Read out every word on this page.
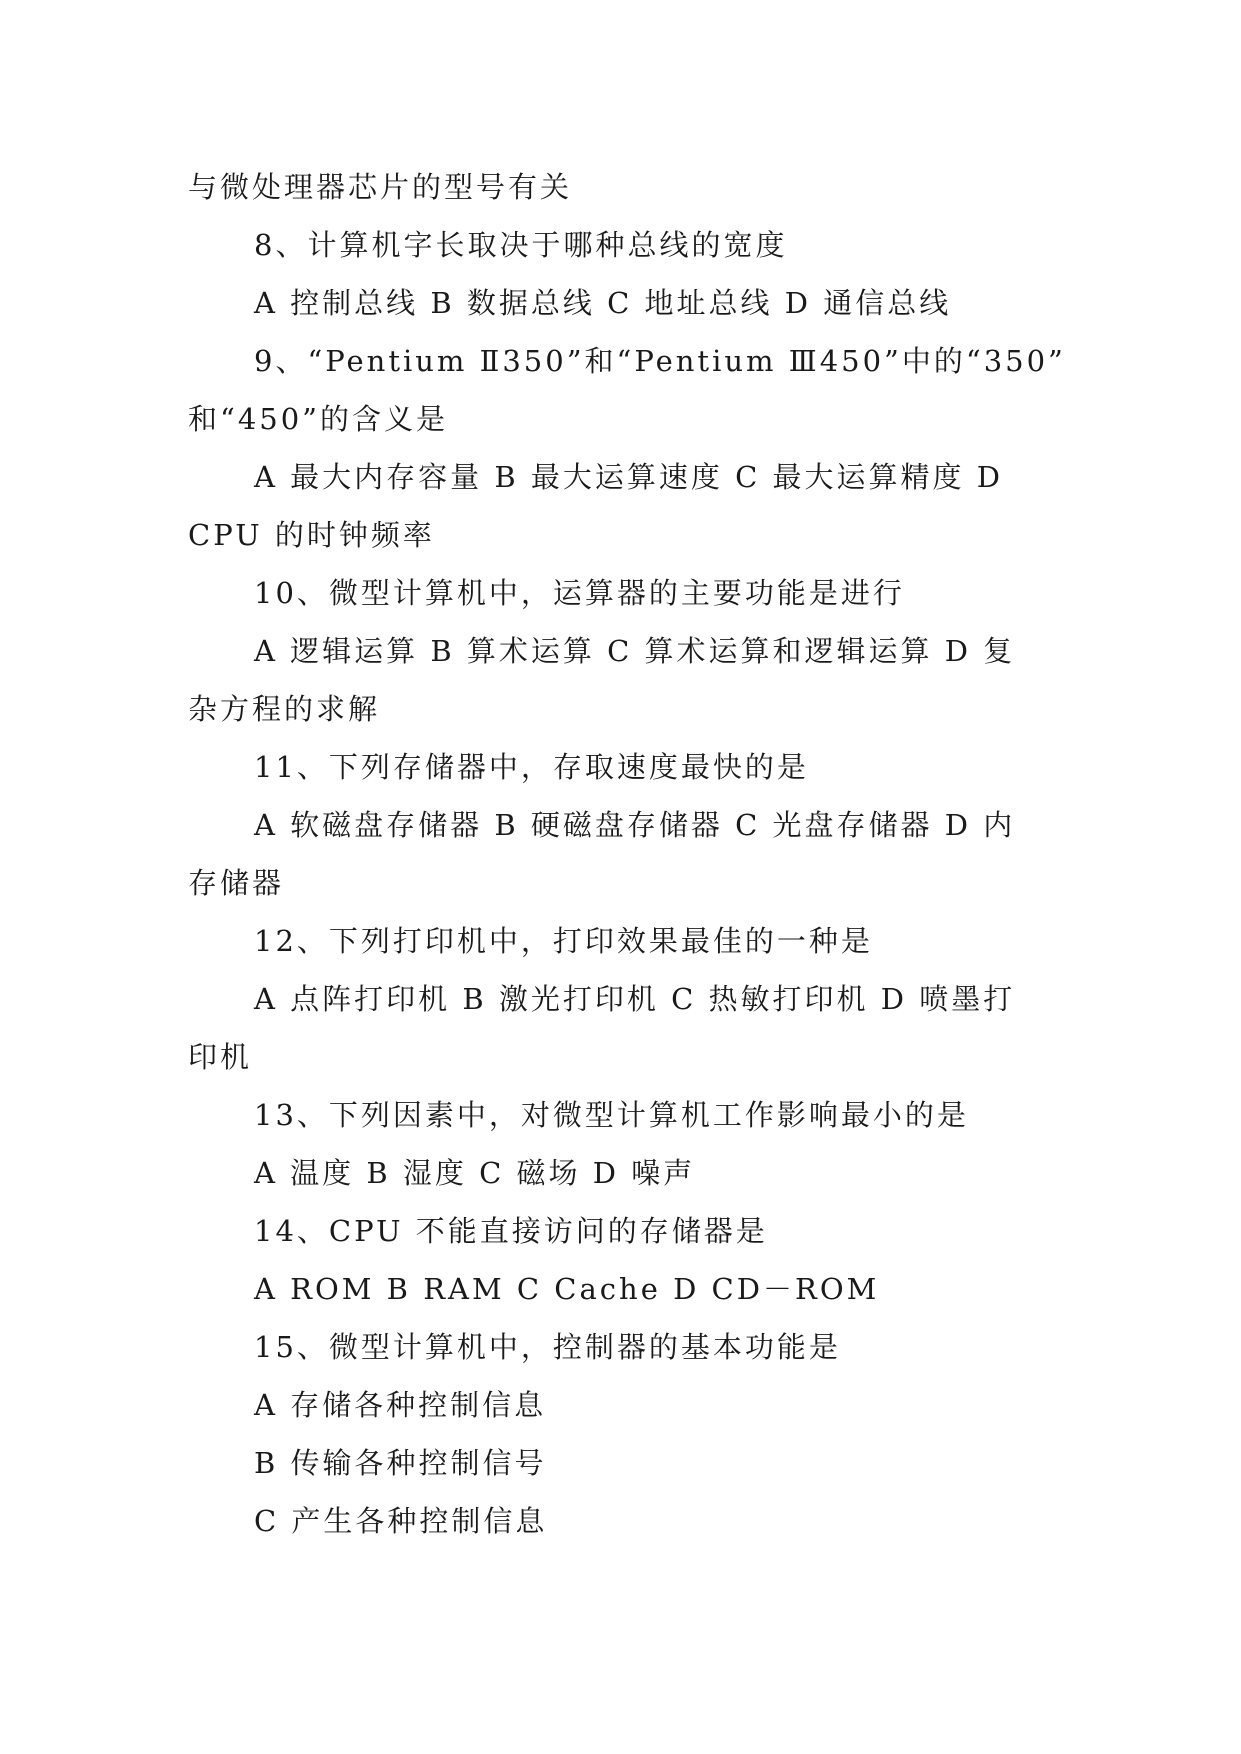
与微处理器芯片的型号有关
8、计算机字长取决于哪种总线的宽度
A 控制总线 B 数据总线 C 地址总线 D 通信总线
9、“Pentium Ⅱ350”和“Pentium Ⅲ450”中的“350”
和“450”的含义是
A 最大内存容量 B 最大运算速度 C 最大运算精度 D
CPU 的时钟频率
10、微型计算机中，运算器的主要功能是进行
A 逻辑运算 B 算术运算 C 算术运算和逻辑运算 D 复
杂方程的求解
11、下列存储器中，存取速度最快的是
A 软磁盘存储器 B 硬磁盘存储器 C 光盘存储器 D 内
存储器
12、下列打印机中，打印效果最佳的一种是
A 点阵打印机 B 激光打印机 C 热敏打印机 D 喷墨打
印机
13、下列因素中，对微型计算机工作影响最小的是
A 温度 B 湿度 C 磁场 D 噪声
14、CPU 不能直接访问的存储器是
A ROM B RAM C Cache D CD－ROM
15、微型计算机中，控制器的基本功能是
A 存储各种控制信息
B 传输各种控制信号
C 产生各种控制信息
